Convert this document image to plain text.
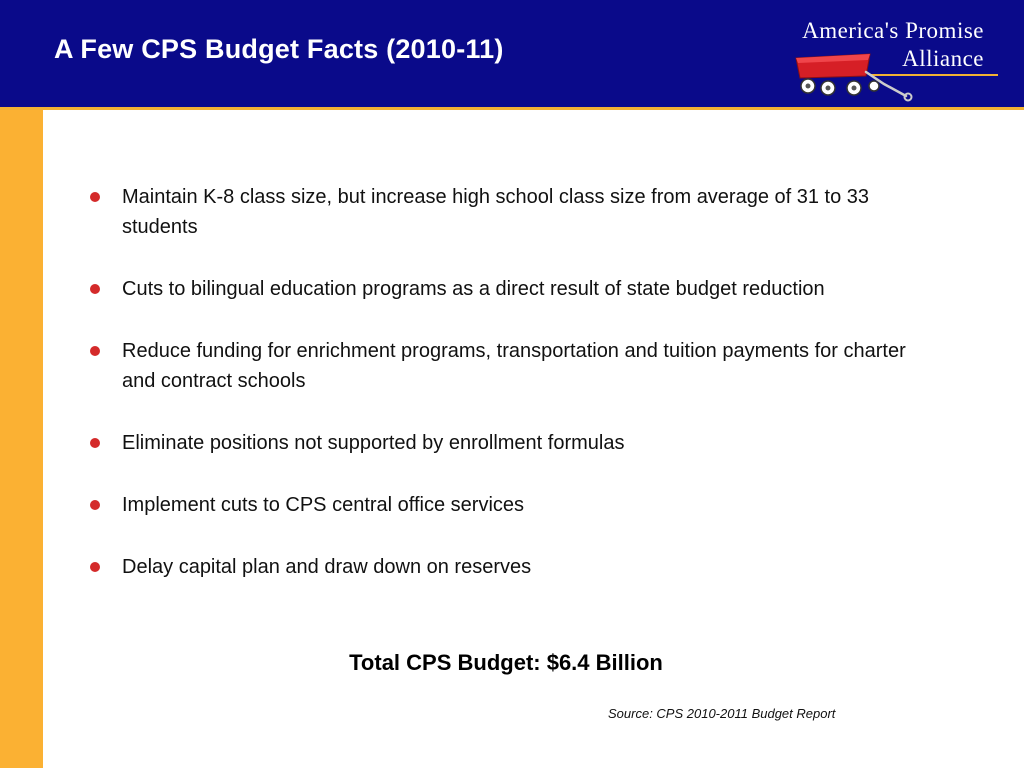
A Few CPS Budget Facts (2010-11)
America's Promise
Alliance
Maintain K-8 class size, but increase high school class size from average of 31 to 33 students
Cuts to bilingual education programs as a direct result of state budget reduction
Reduce funding for enrichment programs, transportation and tuition payments for charter and contract schools
Eliminate positions not supported by enrollment formulas
Implement cuts to CPS central office services
Delay capital plan and draw down on reserves
Total CPS Budget: $6.4 Billion
Source: CPS 2010-2011 Budget Report
